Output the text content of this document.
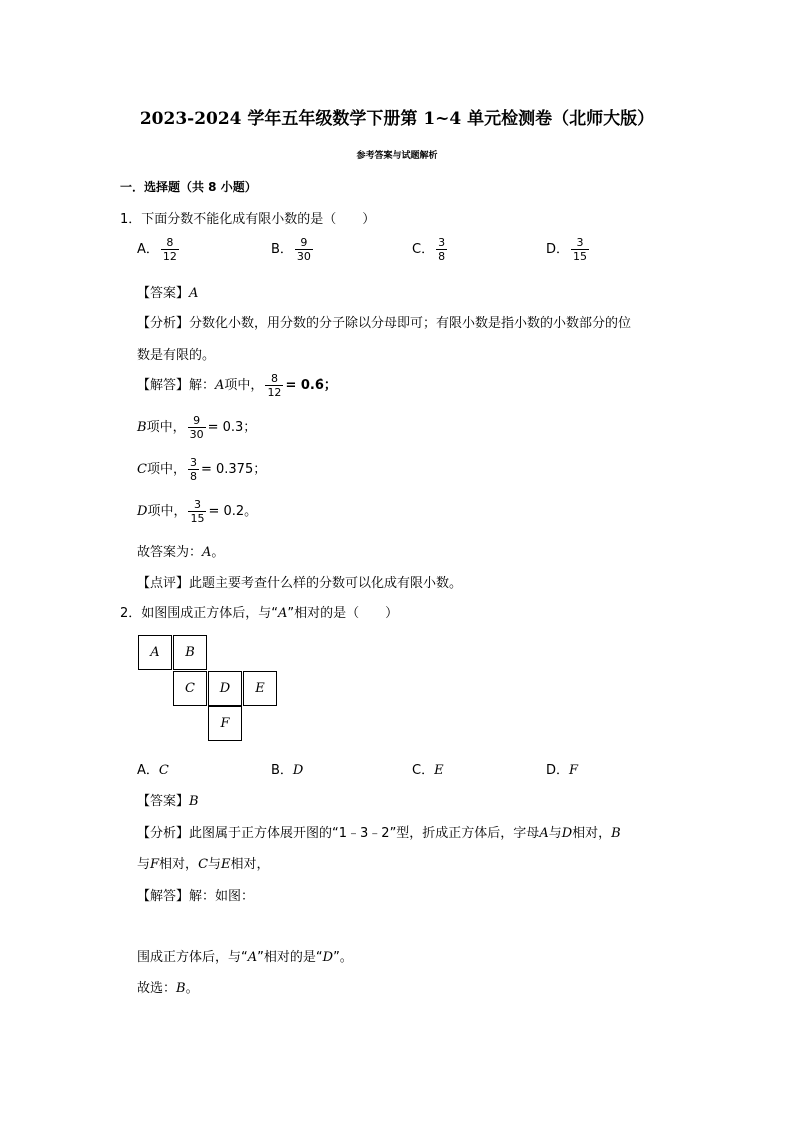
2023-2024 学年五年级数学下册第 1~4 单元检测卷（北师大版）
参考答案与试题解析
一．选择题（共 8 小题）
1．下面分数不能化成有限小数的是（　　）
A． $\frac{8}{12}$	B． $\frac{9}{30}$	C． $\frac{3}{8}$	D． $\frac{3}{15}$
【答案】A
【分析】分数化小数，用分数的分子除以分母即可；有限小数是指小数的小数部分的位
数是有限的。
【解答】解：A项中， $\frac{8}{12}$ = 0.6̇；
B项中， $\frac{9}{30} = 0.3$；
C项中， $\frac{3}{8} = 0.375$；
D项中， $\frac{3}{15} = 0.2$。
故答案为：A。
【点评】此题主要考查什么样的分数可以化成有限小数。
2．如图围成正方体后，与“A”相对的是（　　）
A	B
C	D	E
F
A．C	B．D	C．E	D．F
【答案】B
【分析】此图属于正方体展开图的“1﹣3﹣2”型，折成正方体后，字母A与D相对，B
与F相对，C与E相对，
【解答】解：如图：
围成正方体后，与“A”相对的是“D”。
故选：B。
